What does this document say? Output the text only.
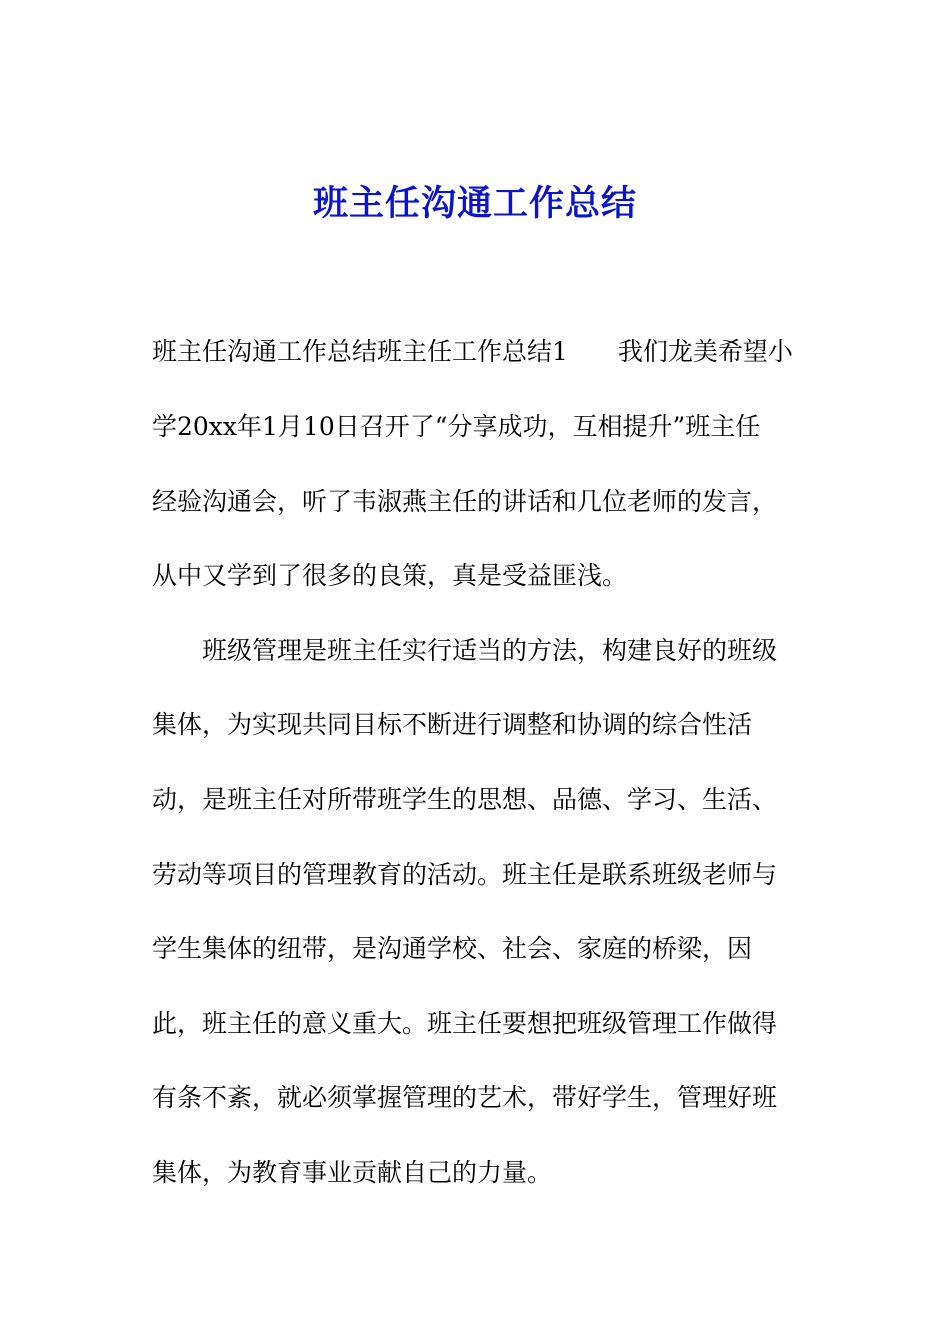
班主任沟通工作总结
班主任沟通工作总结班主任工作总结1 我们龙美希望小
学20xx年1月10日召开了“分享成功，互相提升”班主任
经验沟通会，听了韦淑燕主任的讲话和几位老师的发言，
从中又学到了很多的良策，真是受益匪浅。
班级管理是班主任实行适当的方法，构建良好的班级
集体，为实现共同目标不断进行调整和协调的综合性活
动，是班主任对所带班学生的思想、品德、学习、生活、
劳动等项目的管理教育的活动。班主任是联系班级老师与
学生集体的纽带，是沟通学校、社会、家庭的桥梁，因
此，班主任的意义重大。班主任要想把班级管理工作做得
有条不紊，就必须掌握管理的艺术，带好学生，管理好班
集体，为教育事业贡献自己的力量。
